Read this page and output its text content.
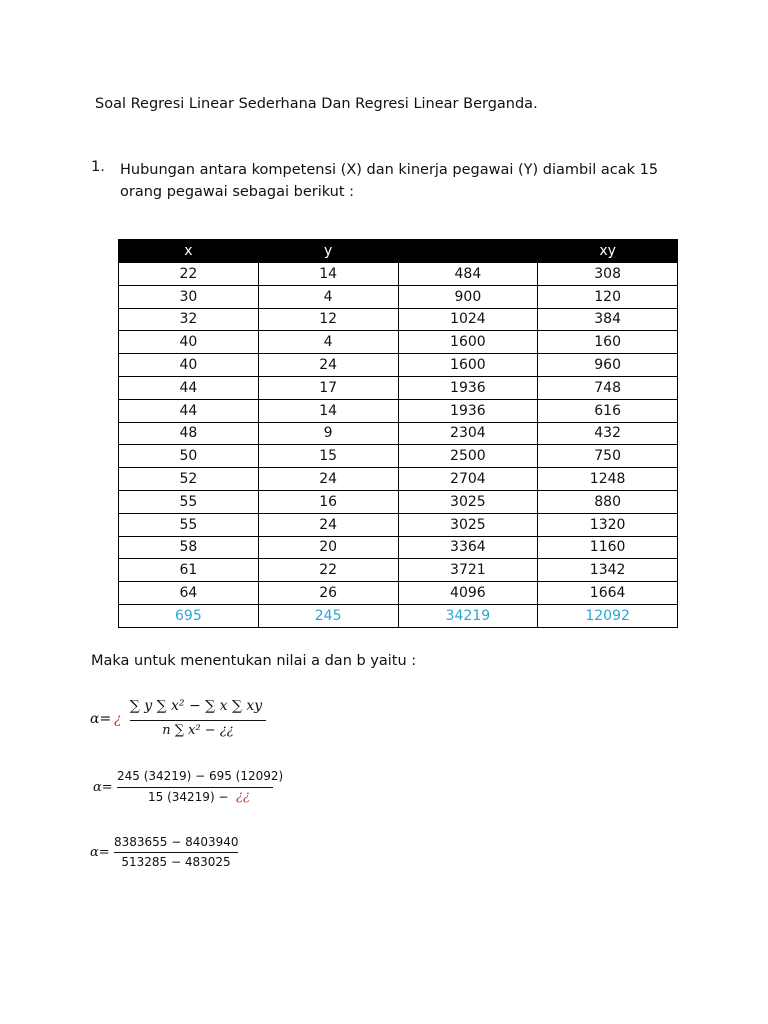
Soal Regresi Linear Sederhana Dan Regresi Linear Berganda.
1. Hubungan antara kompetensi (X) dan kinerja pegawai (Y) diambil acak 15 orang pegawai sebagai berikut :
x	y		xy
22	14	484	308
30	4	900	120
32	12	1024	384
40	4	1600	160
40	24	1600	960
44	17	1936	748
44	14	1936	616
48	9	2304	432
50	15	2500	750
52	24	2704	1248
55	16	3025	880
55	24	3025	1320
58	20	3364	1160
61	22	3721	1342
64	26	4096	1664
695	245	34219	12092
Maka untuk menentukan nilai a dan b yaitu :
α= ¿
∑ y ∑ x² − ∑ x ∑ xy
n ∑ x² − ¿¿
α=
245 (34219) − 695 (12092)
15 (34219) − ¿¿
α=
8383655 − 8403940
513285 − 483025
